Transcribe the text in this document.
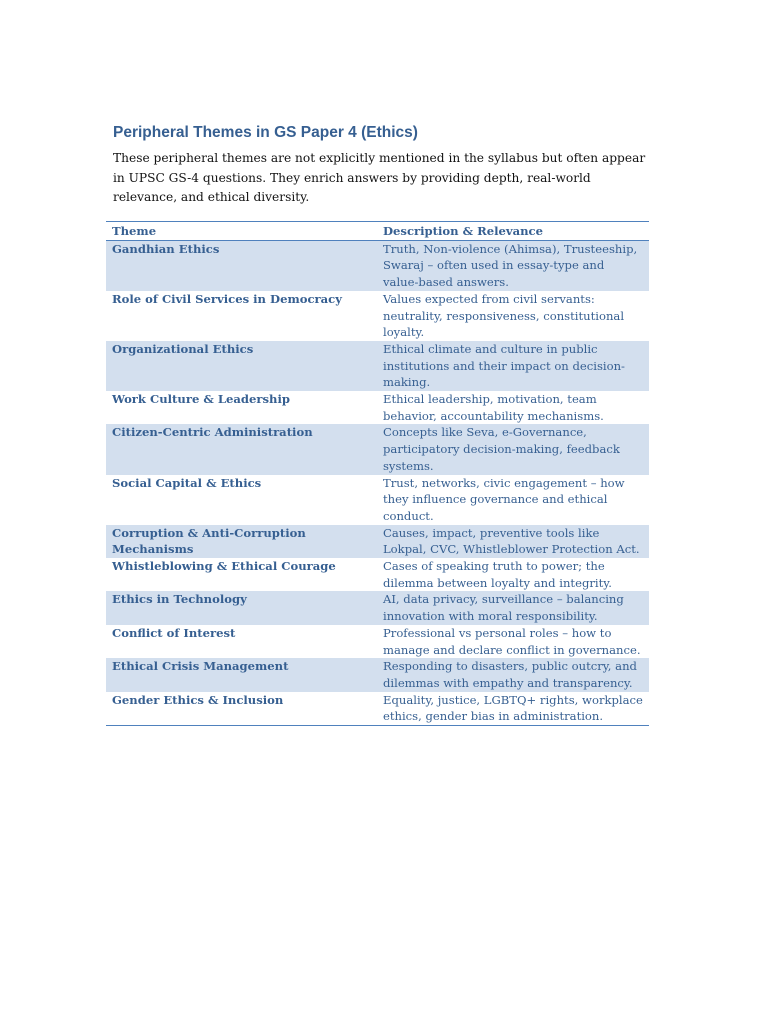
Peripheral Themes in GS Paper 4 (Ethics)

These peripheral themes are not explicitly mentioned in the syllabus but often appear in UPSC GS-4 questions. They enrich answers by providing depth, real-world relevance, and ethical diversity.

Theme	Description & Relevance
Gandhian Ethics	Truth, Non-violence (Ahimsa), Trusteeship, Swaraj – often used in essay-type and value-based answers.
Role of Civil Services in Democracy	Values expected from civil servants: neutrality, responsiveness, constitutional loyalty.
Organizational Ethics	Ethical climate and culture in public institutions and their impact on decision-making.
Work Culture & Leadership	Ethical leadership, motivation, team behavior, accountability mechanisms.
Citizen-Centric Administration	Concepts like Seva, e-Governance, participatory decision-making, feedback systems.
Social Capital & Ethics	Trust, networks, civic engagement – how they influence governance and ethical conduct.
Corruption & Anti-Corruption Mechanisms	Causes, impact, preventive tools like Lokpal, CVC, Whistleblower Protection Act.
Whistleblowing & Ethical Courage	Cases of speaking truth to power; the dilemma between loyalty and integrity.
Ethics in Technology	AI, data privacy, surveillance – balancing innovation with moral responsibility.
Conflict of Interest	Professional vs personal roles – how to manage and declare conflict in governance.
Ethical Crisis Management	Responding to disasters, public outcry, and dilemmas with empathy and transparency.
Gender Ethics & Inclusion	Equality, justice, LGBTQ+ rights, workplace ethics, gender bias in administration.
